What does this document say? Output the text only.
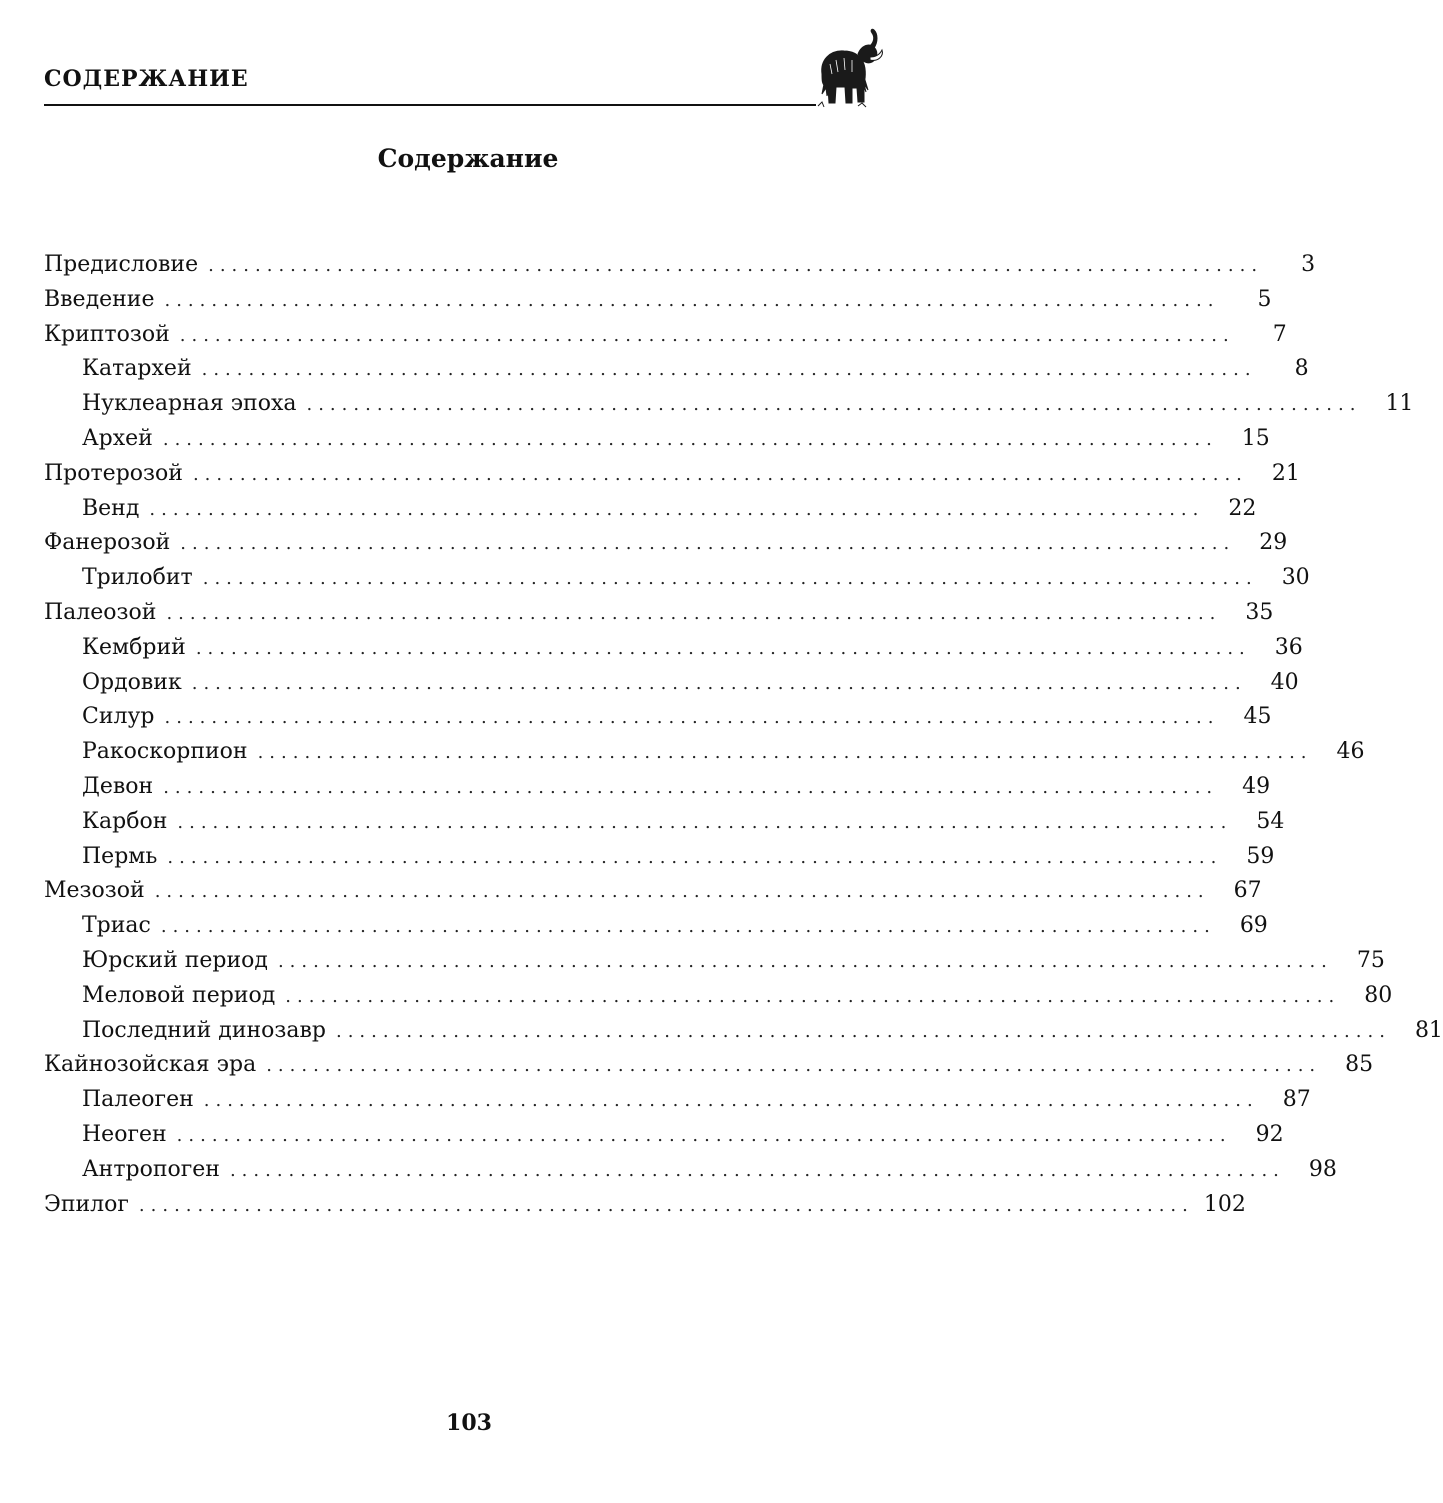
СОДЕРЖАНИЕ
Содержание
Предисловие ..........................................................................................	3
Введение ..........................................................................................	5
Криптозой ..........................................................................................	7
Катархей ..........................................................................................	8
Нуклеарная эпоха ..........................................................................................	11
Архей ..........................................................................................	15
Протерозой ..........................................................................................	21
Венд ..........................................................................................	22
Фанерозой ..........................................................................................	29
Трилобит ..........................................................................................	30
Палеозой ..........................................................................................	35
Кембрий ..........................................................................................	36
Ордовик ..........................................................................................	40
Силур ..........................................................................................	45
Ракоскорпион ..........................................................................................	46
Девон ..........................................................................................	49
Карбон ..........................................................................................	54
Пермь ..........................................................................................	59
Мезозой ..........................................................................................	67
Триас ..........................................................................................	69
Юрский период ..........................................................................................	75
Меловой период ..........................................................................................	80
Последний динозавр ..........................................................................................	81
Кайнозойская эра ..........................................................................................	85
Палеоген ..........................................................................................	87
Неоген ..........................................................................................	92
Антропоген ..........................................................................................	98
Эпилог .......................................................................................... 102
103
